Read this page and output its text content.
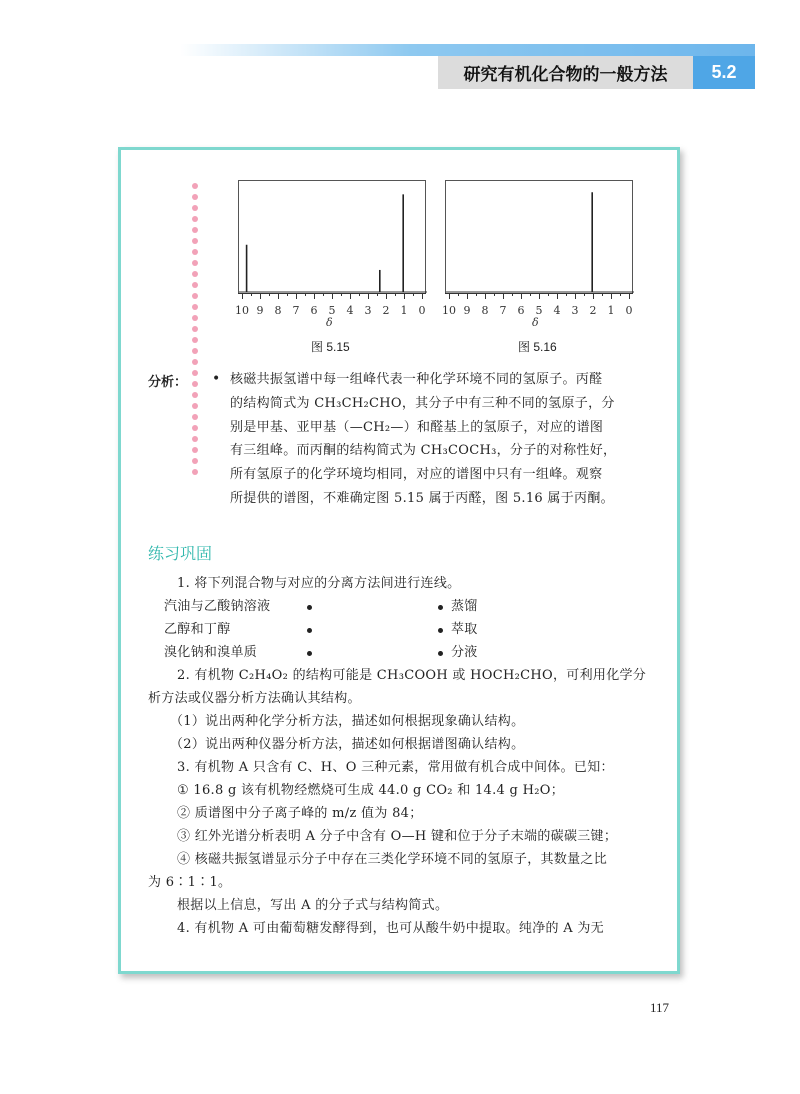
研究有机化合物的一般方法	5.2
10 9 8 7 6 5 4 3 2 1 0
δ
图 5.15
10 9 8 7 6 5 4 3 2 1 0
δ
图 5.16
分析： • 核磁共振氢谱中每一组峰代表一种化学环境不同的氢原子。丙醛
的结构简式为 CH₃CH₂CHO，其分子中有三种不同的氢原子，分
别是甲基、亚甲基（—CH₂—）和醛基上的氢原子，对应的谱图
有三组峰。而丙酮的结构简式为 CH₃COCH₃，分子的对称性好，
所有氢原子的化学环境均相同，对应的谱图中只有一组峰。观察
所提供的谱图，不难确定图 5.15 属于丙醛，图 5.16 属于丙酮。
练习巩固
1. 将下列混合物与对应的分离方法间进行连线。
汽油与乙酸钠溶液
乙醇和丁醇
溴化钠和溴单质
蒸馏
萃取
分液
2. 有机物 C₂H₄O₂ 的结构可能是 CH₃COOH 或 HOCH₂CHO，可利用化学分
析方法或仪器分析方法确认其结构。
（1）说出两种化学分析方法，描述如何根据现象确认结构。
（2）说出两种仪器分析方法，描述如何根据谱图确认结构。
3. 有机物 A 只含有 C、H、O 三种元素，常用做有机合成中间体。已知：
① 16.8 g 该有机物经燃烧可生成 44.0 g CO₂ 和 14.4 g H₂O；
② 质谱图中分子离子峰的 m/z 值为 84；
③ 红外光谱分析表明 A 分子中含有 O—H 键和位于分子末端的碳碳三键；
④ 核磁共振氢谱显示分子中存在三类化学环境不同的氢原子，其数量之比
为 6∶1∶1。
根据以上信息，写出 A 的分子式与结构简式。
4. 有机物 A 可由葡萄糖发酵得到，也可从酸牛奶中提取。纯净的 A 为无
117
